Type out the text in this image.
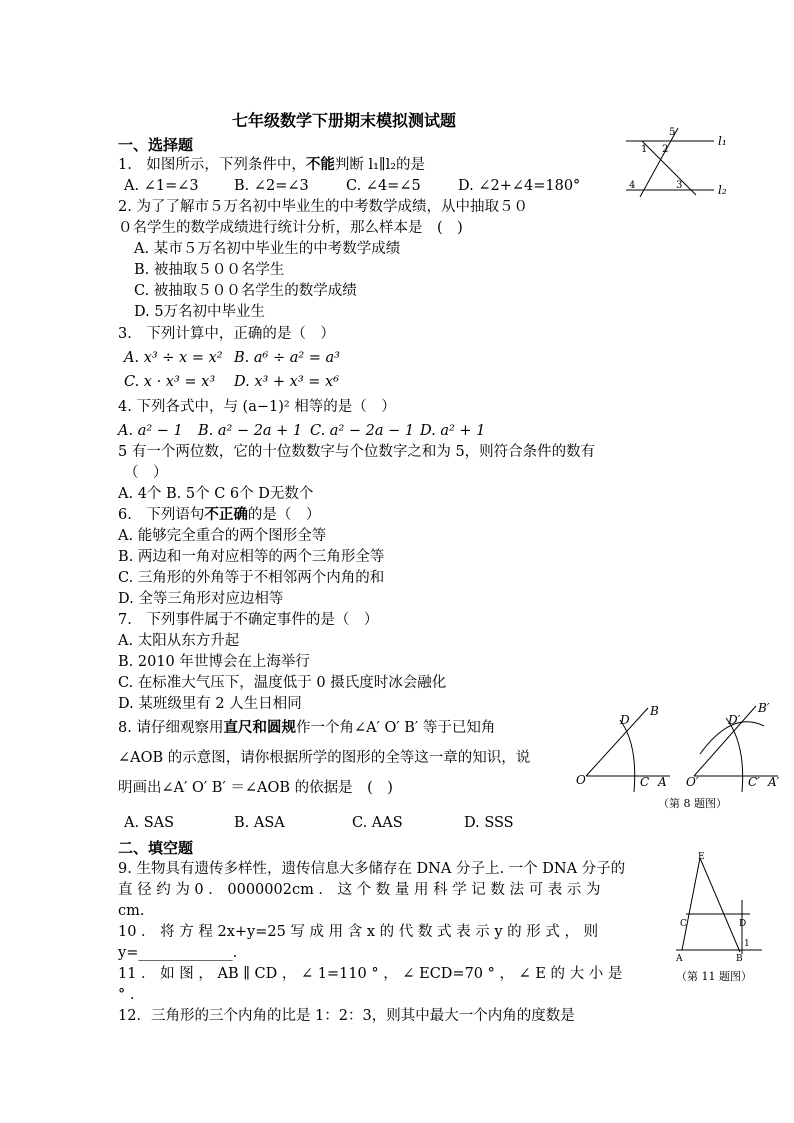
七年级数学下册期末模拟测试题
一、选择题
1.　如图所示，下列条件中，不能判断 l₁∥l₂的是
A. ∠1=∠3 B. ∠2=∠3	C. ∠4=∠5	D. ∠2+∠4=180°
l₁
l₂
1 2
3
4
5
2. 为了了解市５万名初中毕业生的中考数学成绩，从中抽取５０
０名学生的数学成绩进行统计分析，那么样本是　(　)
A. 某市５万名初中毕业生的中考数学成绩
B. 被抽取５００名学生
C. 被抽取５００名学生的数学成绩
D. 5万名初中毕业生
3.　下列计算中，正确的是（　）
A. x³ ÷ x = x² B. a⁶ ÷ a² = a³
C. x · x³ = x³ D. x³ + x³ = x⁶
4. 下列各式中，与 (a−1)² 相等的是（　）
A. a² − 1 B. a² − 2a + 1 C. a² − 2a − 1 D. a² + 1
5 有一个两位数，它的十位数数字与个位数字之和为 5，则符合条件的数有
（　）
A. 4个 B. 5个 C 6个 D无数个
6.　下列语句不正确的是（　）
A. 能够完全重合的两个图形全等
B. 两边和一角对应相等的两个三角形全等
C. 三角形的外角等于不相邻两个内角的和
D. 全等三角形对应边相等
7.　下列事件属于不确定事件的是（　）
A. 太阳从东方升起
B. 2010 年世博会在上海举行
C. 在标准大气压下，温度低于 0 摄氏度时冰会融化
D. 某班级里有 2 人生日相同
8. 请仔细观察用直尺和圆规作一个角∠A′ O′ B′ 等于已知角
∠AOB 的示意图，请你根据所学的图形的全等这一章的知识，说
明画出∠A′ O′ B′ ＝∠AOB 的依据是　(　)
A. SAS	B. ASA	C. AAS	D. SSS
O	A
B
C
D
O′	A′
B′
C′
D′
（第 8 题图）
二、填空题
9. 生物具有遗传多样性，遗传信息大多储存在 DNA 分子上. 一个 DNA 分子的
直 径 约 为 0 ． 0000002cm ． 这 个 数 量 用 科 学 记 数 法 可 表 示 为
cm.
10 ． 将 方 程 2x+y=25 写 成 用 含 x 的 代 数 式 表 示 y 的 形 式 ， 则
y=_____________.
11 ． 如 图 ， AB ∥ CD ， ∠ 1=110 ° ， ∠ ECD=70 ° ， ∠ E 的 大 小 是
° .
12．三角形的三个内角的比是 1：2：3，则其中最大一个内角的度数是
E
C	D
A	B
1
（第 11 题图）
